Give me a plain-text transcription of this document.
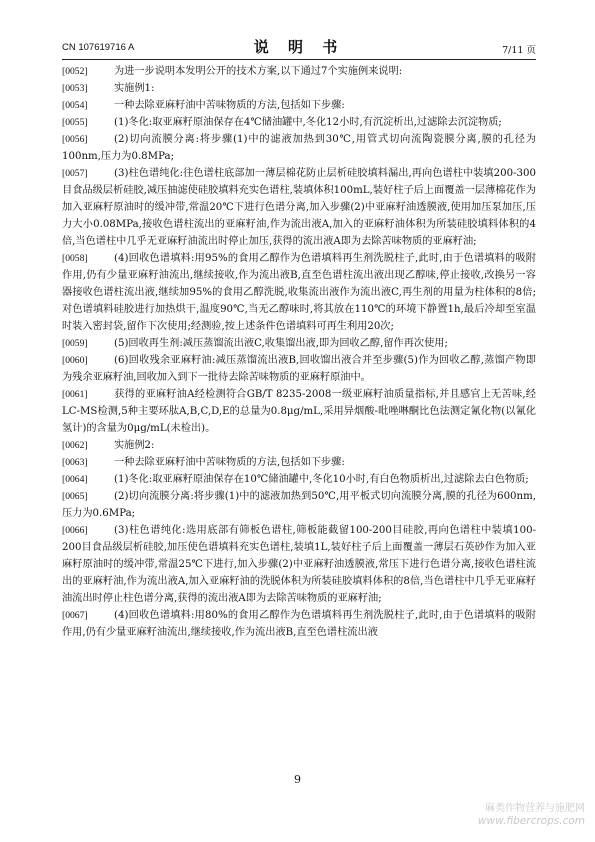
CN 107619716 A	说 明 书	7/11 页
[0052]	为进一步说明本发明公开的技术方案,以下通过7个实施例来说明:
[0053]	实施例1:
[0054]	一种去除亚麻籽油中苦味物质的方法,包括如下步骤:
[0055]	(1)冬化:取亚麻籽原油保存在4℃储油罐中,冬化12小时,有沉淀析出,过滤除去沉淀物质;
[0056]	(2)切向流膜分离:将步骤(1)中的滤液加热到30℃,用管式切向流陶瓷膜分离,膜的孔径为100nm,压力为0.8MPa;
[0057]	(3)柱色谱纯化:往色谱柱底部加一薄层棉花防止层析硅胶填料漏出,再向色谱柱中装填200-300目食品级层析硅胶,减压抽滤使硅胶填料充实色谱柱,装填体积100mL,装好柱子后上面覆盖一层薄棉花作为加入亚麻籽原油时的缓冲带,常温20℃下进行色谱分离,加入步骤(2)中亚麻籽油透膜液,使用加压泵加压,压力大小0.08MPa,接收色谱柱流出的亚麻籽油,作为流出液A,加入的亚麻籽油体积为所装硅胶填料体积的4倍,当色谱柱中几乎无亚麻籽油流出时停止加压,获得的流出液A即为去除苦味物质的亚麻籽油;
[0058]	(4)回收色谱填料:用95%的食用乙醇作为色谱填料再生剂洗脱柱子,此时,由于色谱填料的吸附作用,仍有少量亚麻籽油流出,继续接收,作为流出液B,直至色谱柱流出液出现乙醇味,停止接收,改换另一容器接收色谱柱流出液,继续加95%的食用乙醇洗脱,收集流出液作为流出液C,再生剂的用量为柱体积的8倍;对色谱填料硅胶进行加热烘干,温度90℃,当无乙醇味时,将其放在110℃的环境下静置1h,最后冷却至室温时装入密封袋,留作下次使用;经测验,按上述条件色谱填料可再生利用20次;
[0059]	(5)回收再生剂:减压蒸馏流出液C,收集馏出液,即为回收乙醇,留作再次使用;
[0060]	(6)回收残余亚麻籽油:减压蒸馏流出液B,回收馏出液合并至步骤(5)作为回收乙醇,蒸馏产物即为残余亚麻籽油,回收加入到下一批待去除苦味物质的亚麻籽原油中。
[0061]	获得的亚麻籽油A经检测符合GB/T 8235-2008一级亚麻籽油质量指标,并且感官上无苦味,经LC-MS检测,5种主要环肽A,B,C,D,E的总量为0.8μg/mL,采用异烟酸-吡唑啉酮比色法测定氰化物(以氰化氢计)的含量为0μg/mL(未检出)。
[0062]	实施例2:
[0063]	一种去除亚麻籽油中苦味物质的方法,包括如下步骤:
[0064]	(1)冬化:取亚麻籽原油保存在10℃储油罐中,冬化10小时,有白色物质析出,过滤除去白色物质;
[0065]	(2)切向流膜分离:将步骤(1)中的滤液加热到50℃,用平板式切向流膜分离,膜的孔径为600nm,压力为0.6MPa;
[0066]	(3)柱色谱纯化:选用底部有筛板色谱柱,筛板能截留100-200目硅胶,再向色谱柱中装填100-200目食品级层析硅胶,加压使色谱填料充实色谱柱,装填1L,装好柱子后上面覆盖一薄层石英砂作为加入亚麻籽原油时的缓冲带,常温25℃下进行,加入步骤(2)中亚麻籽油透膜液,常压下进行色谱分离,接收色谱柱流出的亚麻籽油,作为流出液A,加入亚麻籽油的洗脱体积为所装硅胶填料体积的8倍,当色谱柱中几乎无亚麻籽油流出时停止柱色谱分离,获得的流出液A即为去除苦味物质的亚麻籽油;
[0067]	(4)回收色谱填料:用80%的食用乙醇作为色谱填料再生剂洗脱柱子,此时,由于色谱填料的吸附作用,仍有少量亚麻籽油流出,继续接收,作为流出液B,直至色谱柱流出液
9
麻类作物营养与施肥网
www.fibercrops.com
